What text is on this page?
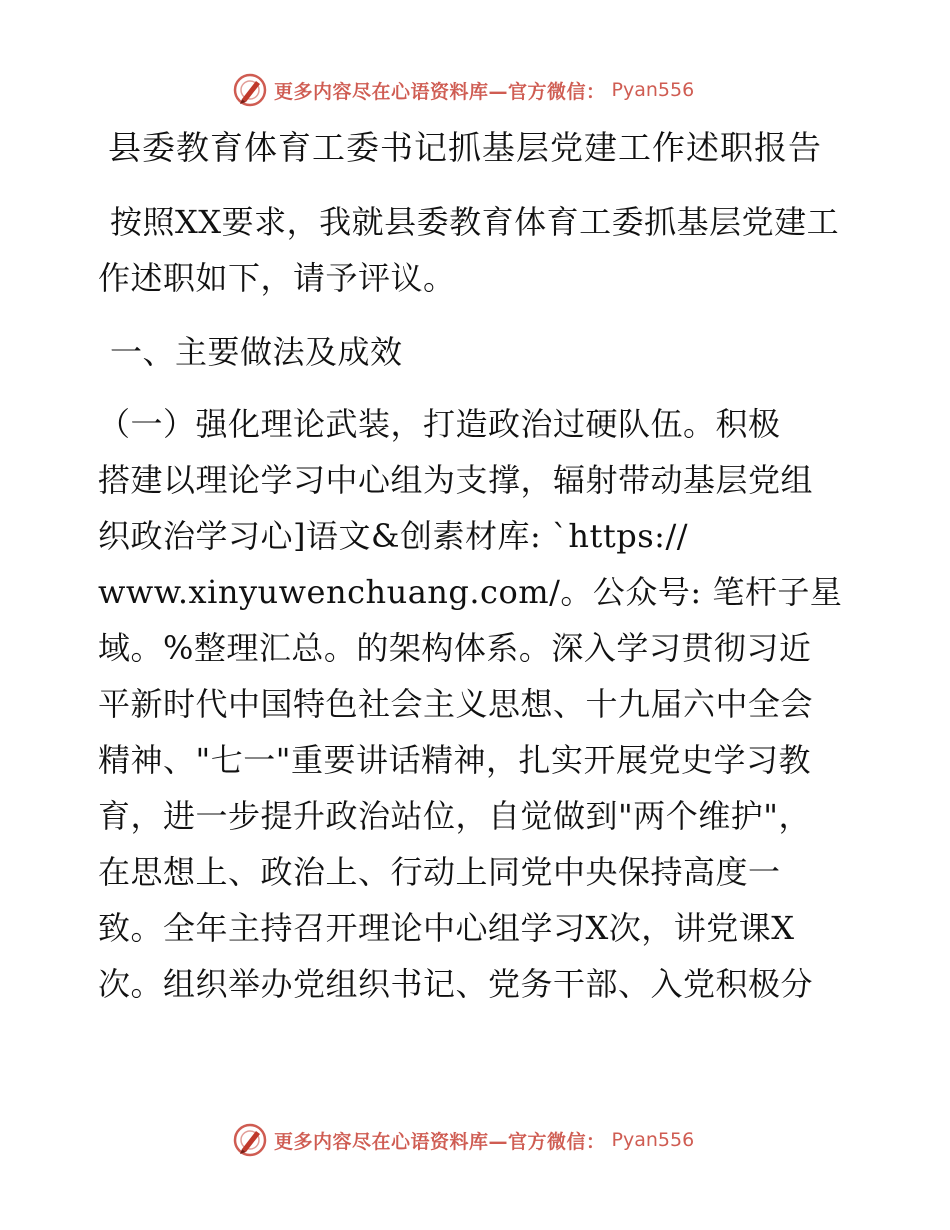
更多内容尽在心语资料库—官方微信： Pyan556
县委教育体育工委书记抓基层党建工作述职报告

按照XX要求，我就县委教育体育工委抓基层党建工作述职如下，请予评议。

一、主要做法及成效

（一）强化理论武装，打造政治过硬队伍。积极
搭建以理论学习中心组为支撑，辐射带动基层党组
织政治学习心]语文&创素材库: `https://
www.xinyuwenchuang.com/。公众号: 笔杆子星
域。%整理汇总。的架构体系。深入学习贯彻习近
平新时代中国特色社会主义思想、十九届六中全会
精神、"七一"重要讲话精神，扎实开展党史学习教
育，进一步提升政治站位，自觉做到"两个维护"，
在思想上、政治上、行动上同党中央保持高度一
致。全年主持召开理论中心组学习X次，讲党课X
次。组织举办党组织书记、党务干部、入党积极分

更多内容尽在心语资料库—官方微信： Pyan556
